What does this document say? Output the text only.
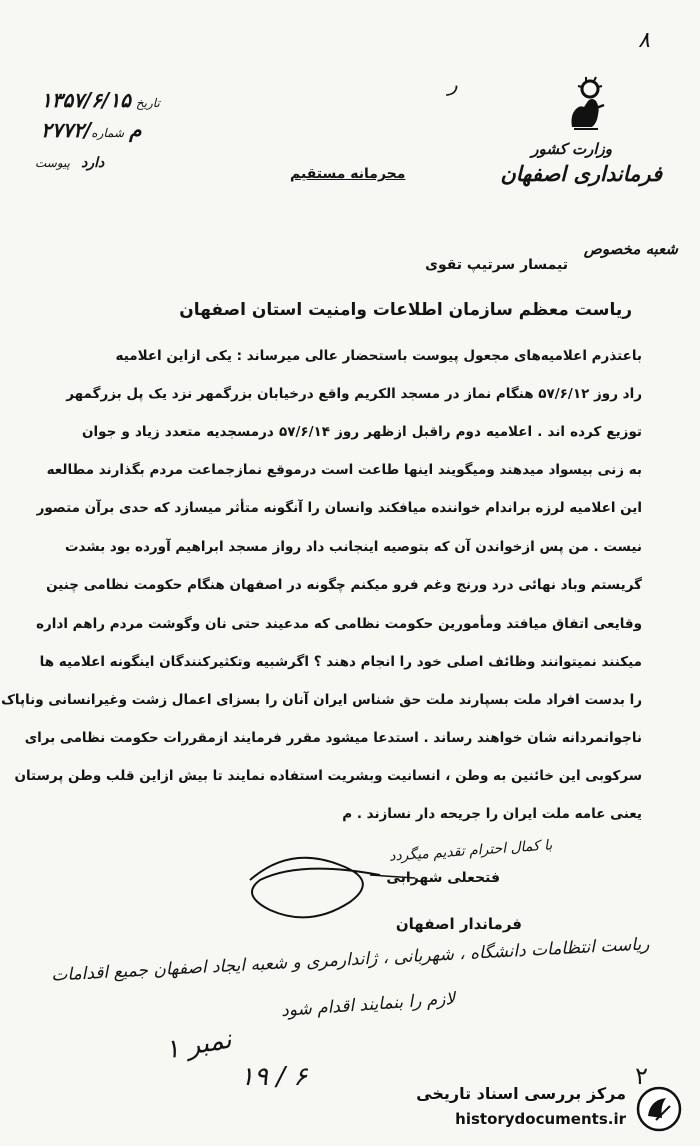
٨
ر
وزارت کشور
فرمانداری اصفهان
۱۳۵۷/۶/۱۵ تاریخ
۲۷۷۲/م شماره
دارد پیوست
محرمانه مستقیم
شعبه مخصوص
تیمسار سرتیپ تقوی
ریاست معظم سازمان اطلاعات وامنیت استان اصفهان
باعتذرم اعلامیه‌های مجعول پیوست باستحضار عالی میرساند : یکی ازاین اعلامیه
راد روز ۵۷/۶/۱۲ هنگام نماز در مسجد الکریم واقع درخیابان بزرگمهر نزد یک پل بزرگمهر
توزیع کرده اند . اعلامیه دوم راقبل ازظهر روز ۵۷/۶/۱۴ درمسجدیه متعدد زیاد و جوان
به زنی بیسواد میدهند ومیگویند اینها طاعت است درموقع نمازجماعت مردم بگذارند مطالعه
این اعلامیه لرزه براندام خواننده میافکند وانسان را آنگونه متأثر میسازد که حدی برآن متصور
نیست . من پس ازخواندن آن که بتوصیه اینجانب داد رواز مسجد ابراهیم آورده بود بشدت
گریستم وباد نهائی درد ورنج وغم فرو میکنم چگونه در اصفهان هنگام حکومت نظامی چنین
وقایعی اتفاق میافتد ومأمورین حکومت نظامی که مدعیند حتی نان وگوشت مردم راهم اداره
میکنند نمیتوانند وظائف اصلی خود را انجام دهند ؟ اگرشبیه وتکثیرکنندگان اینگونه اعلامیه ها
را بدست افراد ملت بسپارند ملت حق شناس ایران آنان را بسزای اعمال زشت وغیرانسانی وناپاک
ناجوانمردانه شان خواهند رساند . استدعا میشود مقرر فرمایند ازمقررات حکومت نظامی برای
سرکوبی این خائنین به وطن ، انسانیت وبشریت استفاده نمایند تا بیش ازاین قلب وطن پرستان
یعنی عامه ملت ایران را جریحه دار نسازند . م
با کمال احترام تقدیم میگردد
فتحعلی شهرابی
فرماندار اصفهان
ریاست انتظامات دانشگاه ، شهربانی ، ژاندارمری و شعبه ایجاد اصفهان جمیع اقدامات
لازم را بنمایند اقدام شود
نمبر ۱
۱۹ / ۶	۲
مرکز بررسی اسناد تاریخی
historydocuments.ir
